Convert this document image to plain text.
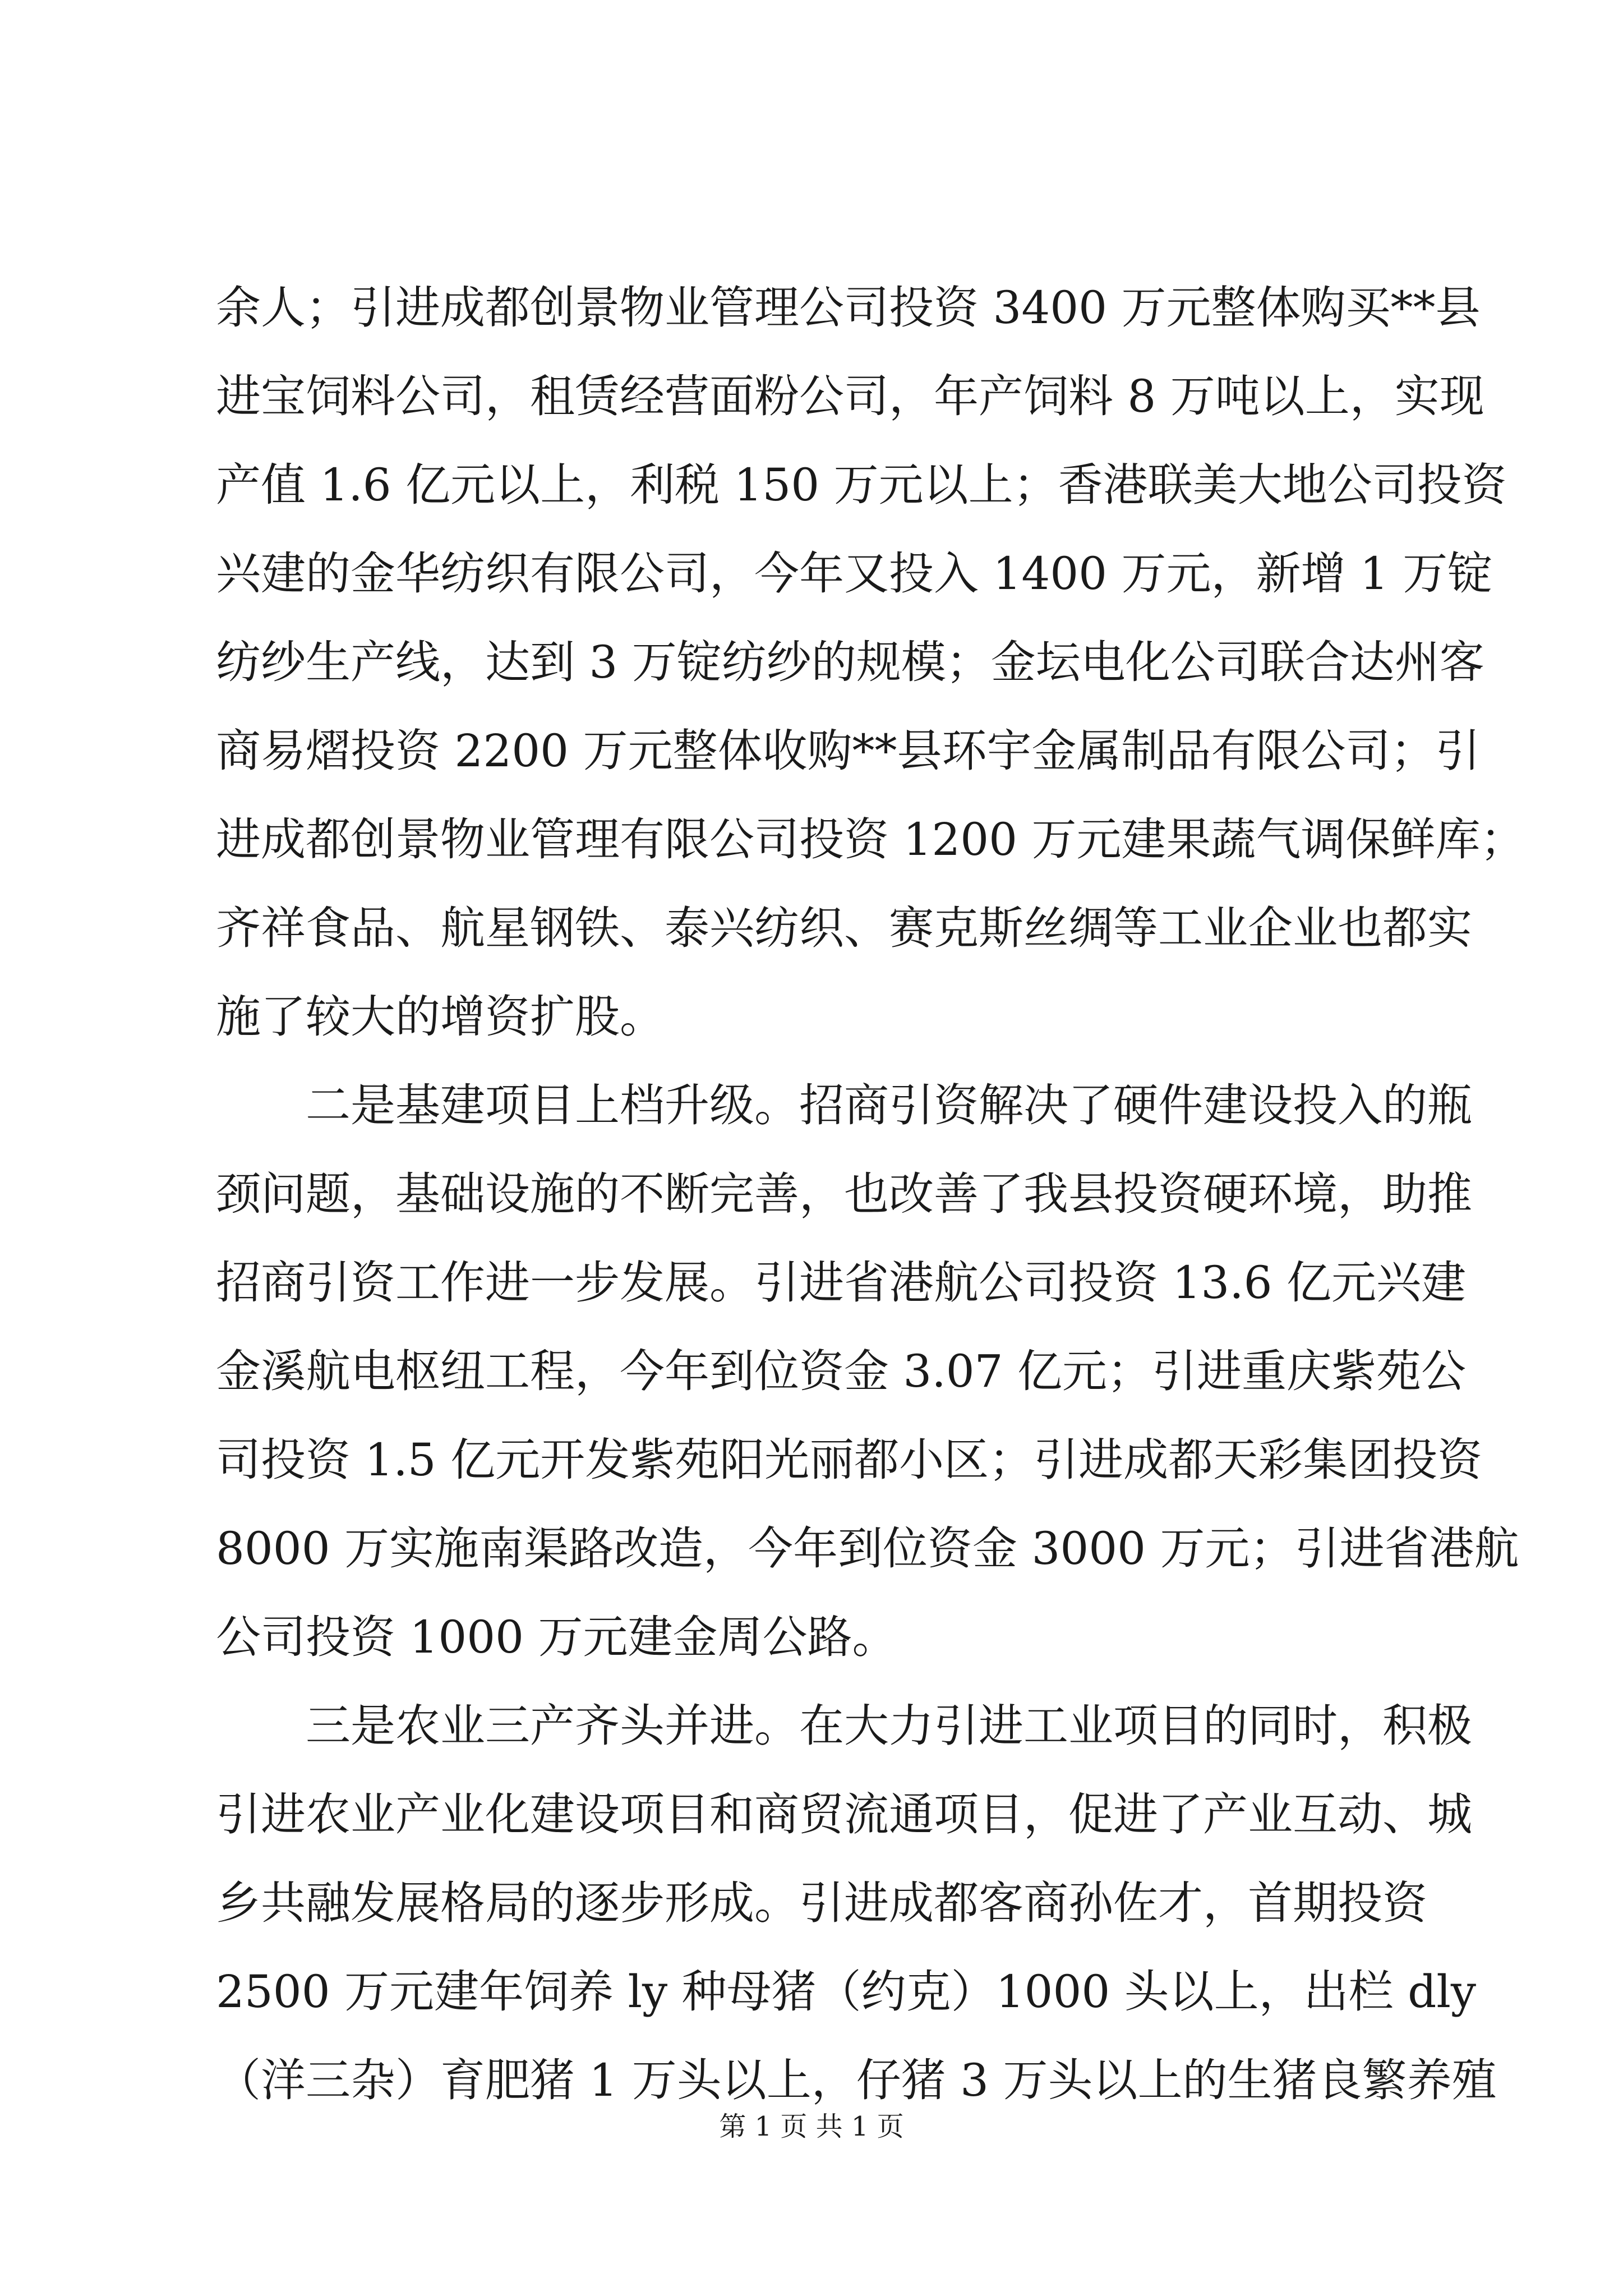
余人；引进成都创景物业管理公司投资 3400 万元整体购买**县
进宝饲料公司，租赁经营面粉公司，年产饲料 8 万吨以上，实现
产值 1.6 亿元以上，利税 150 万元以上；香港联美大地公司投资
兴建的金华纺织有限公司，今年又投入 1400 万元，新增 1 万锭
纺纱生产线，达到 3 万锭纺纱的规模；金坛电化公司联合达州客
商易熠投资 2200 万元整体收购**县环宇金属制品有限公司；引
进成都创景物业管理有限公司投资 1200 万元建果蔬气调保鲜库；
齐祥食品、航星钢铁、泰兴纺织、赛克斯丝绸等工业企业也都实
施了较大的增资扩股。
　　二是基建项目上档升级。招商引资解决了硬件建设投入的瓶
颈问题，基础设施的不断完善，也改善了我县投资硬环境，助推
招商引资工作进一步发展。引进省港航公司投资 13.6 亿元兴建
金溪航电枢纽工程，今年到位资金 3.07 亿元；引进重庆紫苑公
司投资 1.5 亿元开发紫苑阳光丽都小区；引进成都天彩集团投资
8000 万实施南渠路改造，今年到位资金 3000 万元；引进省港航
公司投资 1000 万元建金周公路。
　　三是农业三产齐头并进。在大力引进工业项目的同时，积极
引进农业产业化建设项目和商贸流通项目，促进了产业互动、城
乡共融发展格局的逐步形成。引进成都客商孙佐才，首期投资
2500 万元建年饲养 ly 种母猪（约克）1000 头以上，出栏 dly
（洋三杂）育肥猪 1 万头以上，仔猪 3 万头以上的生猪良繁养殖
第 1 页 共 1 页
